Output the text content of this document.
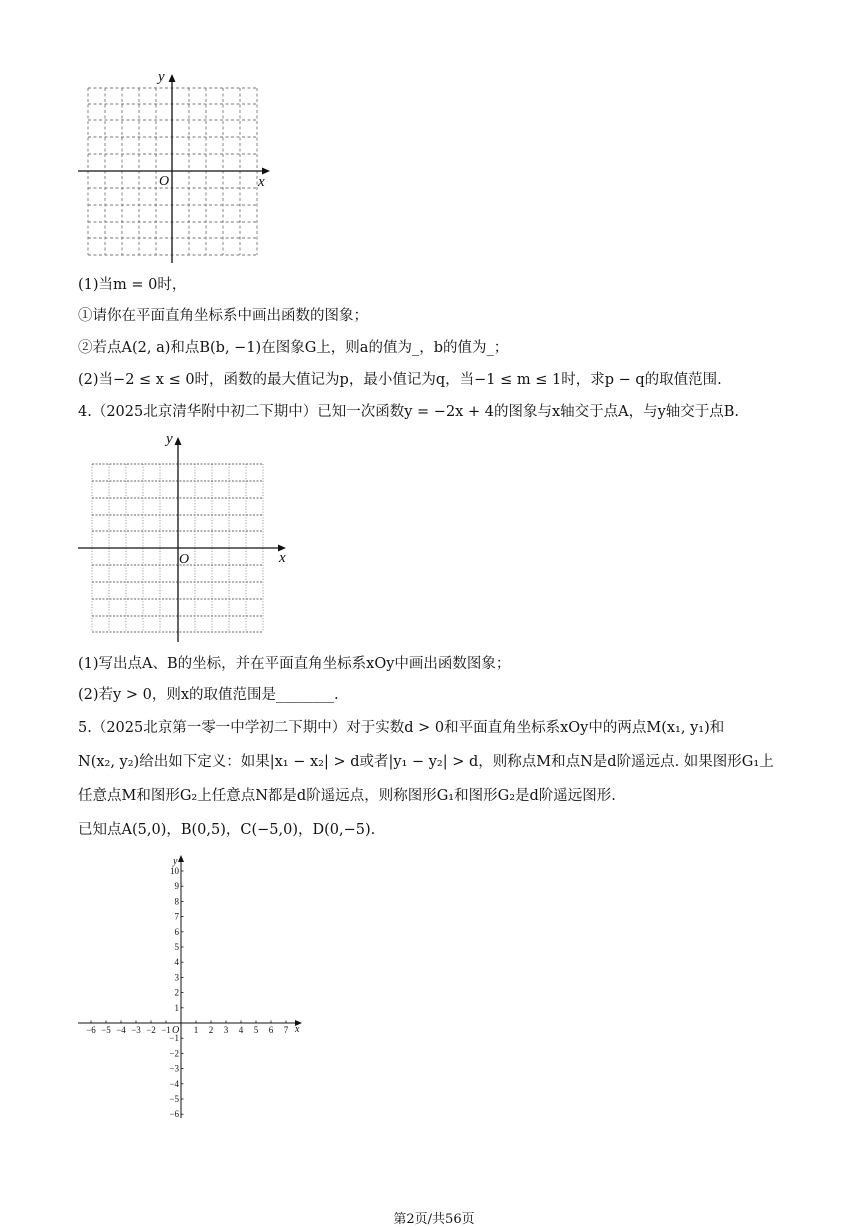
x
y
O
(1)当m = 0时，
①请你在平面直角坐标系中画出函数的图象；
②若点A(2, a)和点B(b, −1)在图象G上，则a的值为_，b的值为_；
(2)当−2 ≤ x ≤ 0时，函数的最大值记为p，最小值记为q，当−1 ≤ m ≤ 1时，求p − q的取值范围.
4.（2025北京清华附中初二下期中）已知一次函数y = −2x + 4的图象与x轴交于点A，与y轴交于点B.
x
y
O
(1)写出点A、B的坐标，并在平面直角坐标系xOy中画出函数图象；
(2)若y > 0，则x的取值范围是________.
5.（2025北京第一零一中学初二下期中）对于实数d > 0和平面直角坐标系xOy中的两点M(x₁, y₁)和
N(x₂, y₂)给出如下定义：如果|x₁ − x₂| > d或者|y₁ − y₂| > d，则称点M和点N是d阶遥远点. 如果图形G₁上
任意点M和图形G₂上任意点N都是d阶遥远点，则称图形G₁和图形G₂是d阶遥远图形.
已知点A(5,0)，B(0,5)，C(−5,0)，D(0,−5).
−6 −5 −4 −3 −2 −1	1 2 3 4 5 6 7
10
9
8
7
6
5
4
3
2
1
−1
−2
−3
−4
−5
−6
x
y
O
第2页/共56页
